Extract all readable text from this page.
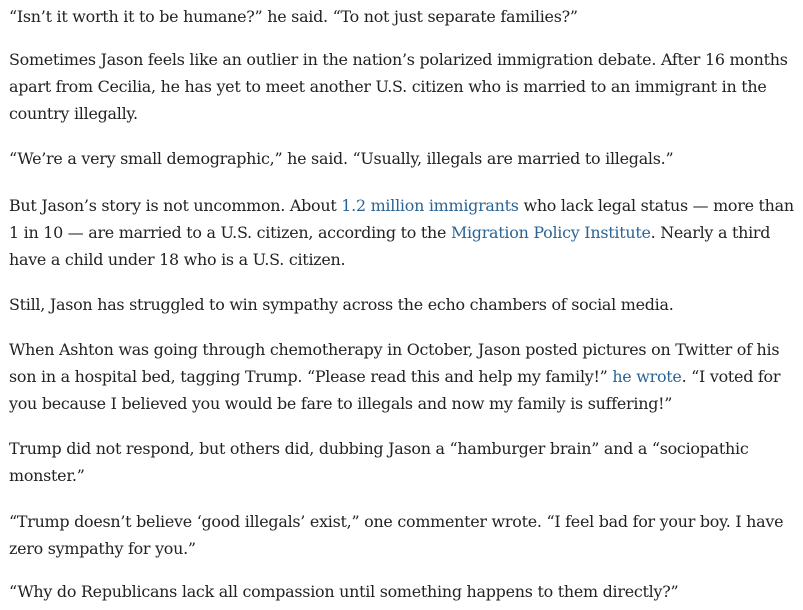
“Isn’t it worth it to be humane?” he said. “To not just separate families?”

Sometimes Jason feels like an outlier in the nation’s polarized immigration debate. After 16 months apart from Cecilia, he has yet to meet another U.S. citizen who is married to an immigrant in the country illegally.

“We’re a very small demographic,” he said. “Usually, illegals are married to illegals.”

But Jason’s story is not uncommon. About 1.2 million immigrants who lack legal status — more than 1 in 10 — are married to a U.S. citizen, according to the Migration Policy Institute. Nearly a third have a child under 18 who is a U.S. citizen.

Still, Jason has struggled to win sympathy across the echo chambers of social media.

When Ashton was going through chemotherapy in October, Jason posted pictures on Twitter of his son in a hospital bed, tagging Trump. “Please read this and help my family!” he wrote. “I voted for you because I believed you would be fare to illegals and now my family is suffering!”

Trump did not respond, but others did, dubbing Jason a “hamburger brain” and a “sociopathic monster.”

“Trump doesn’t believe ‘good illegals’ exist,” one commenter wrote. “I feel bad for your boy. I have zero sympathy for you.”

“Why do Republicans lack all compassion until something happens to them directly?”
